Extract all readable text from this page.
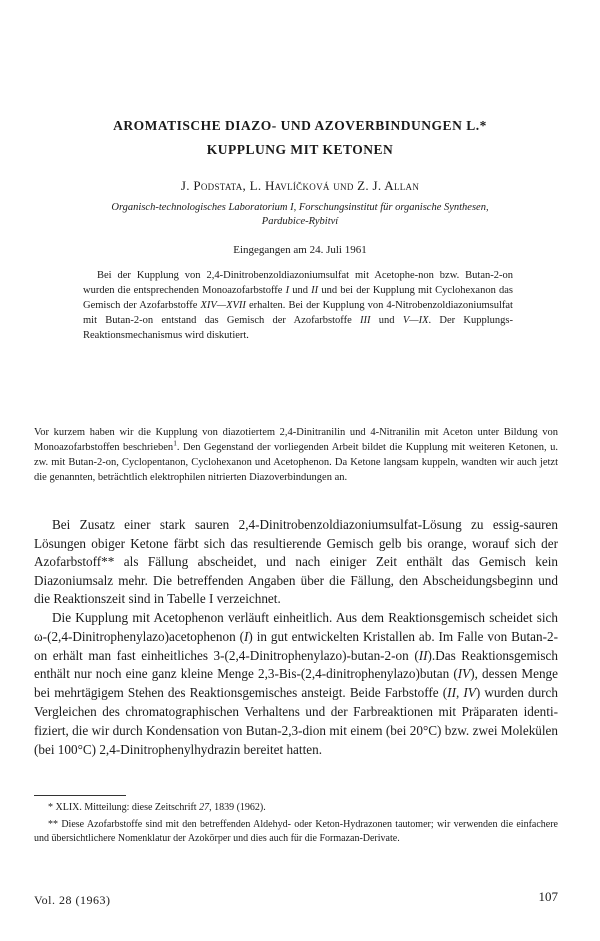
AROMATISCHE DIAZO- UND AZOVERBINDUNGEN L.*
KUPPLUNG MIT KETONEN
J. Podstata, L. Havlíčková und Z. J. Allan
Organisch-technologisches Laboratorium I, Forschungsinstitut für organische Synthesen,
Pardubice-Rybitví
Eingegangen am 24. Juli 1961
Bei der Kupplung von 2,4-Dinitrobenzoldiazoniumsulfat mit Acetophe-non bzw. Butan-2-on wurden die entsprechenden Monoazofarbstoffe I und II und bei der Kupplung mit Cyclohexanon das Gemisch der Azofarbstoffe XIV—XVII erhalten. Bei der Kupplung von 4-Nitrobenzoldiazoniumsulfat mit Butan-2-on entstand das Gemisch der Azofarbstoffe III und V—IX. Der Kupplungs-Reaktionsmechanismus wird diskutiert.
Vor kurzem haben wir die Kupplung von diazotiertem 2,4-Dinitranilin und 4-Nitranilin mit Aceton unter Bildung von Monoazofarbstoffen beschrieben$^1$. Den Gegenstand der vorliegenden Arbeit bildet die Kupplung mit weiteren Ketonen, u. zw. mit Butan-2-on, Cyclopentanon, Cyclohexanon und Acetophenon. Da Ketone langsam kuppeln, wandten wir auch jetzt die genannten, beträchtlich elektrophilen nitrierten Diazoverbindungen an.
Bei Zusatz einer stark sauren 2,4-Dinitrobenzoldiazoniumsulfat-Lösung zu essig-sauren Lösungen obiger Ketone färbt sich das resultierende Gemisch gelb bis orange, worauf sich der Azofarbstoff** als Fällung abscheidet, und nach einiger Zeit enthält das Gemisch kein Diazoniumsalz mehr. Die betreffenden Angaben über die Fällung, den Abscheidungsbeginn und die Reaktionszeit sind in Tabelle I verzeichnet.
Die Kupplung mit Acetophenon verläuft einheitlich. Aus dem Reaktionsgemisch scheidet sich ω-(2,4-Dinitrophenylazo)acetophenon (I) in gut entwickelten Kristallen ab. Im Falle von Butan-2-on erhält man fast einheitliches 3-(2,4-Dinitrophenylazo)-butan-2-on (II).Das Reaktionsgemisch enthält nur noch eine ganz kleine Menge 2,3-Bis-(2,4-dinitrophenylazo)butan (IV), dessen Menge bei mehrtägigem Stehen des Reaktionsgemisches ansteigt. Beide Farbstoffe (II, IV) wurden durch Vergleichen des chromatographischen Verhaltens und der Farbreaktionen mit Präparaten identi-fiziert, die wir durch Kondensation von Butan-2,3-dion mit einem (bei 20°C) bzw. zwei Molekülen (bei 100°C) 2,4-Dinitrophenylhydrazin bereitet hatten.
* XLIX. Mitteilung: diese Zeitschrift 27, 1839 (1962).
** Diese Azofarbstoffe sind mit den betreffenden Aldehyd- oder Keton-Hydrazonen tautomer; wir verwenden die einfachere und übersichtlichere Nomenklatur der Azokörper und dies auch für die Formazan-Derivate.
Vol. 28 (1963)	107
